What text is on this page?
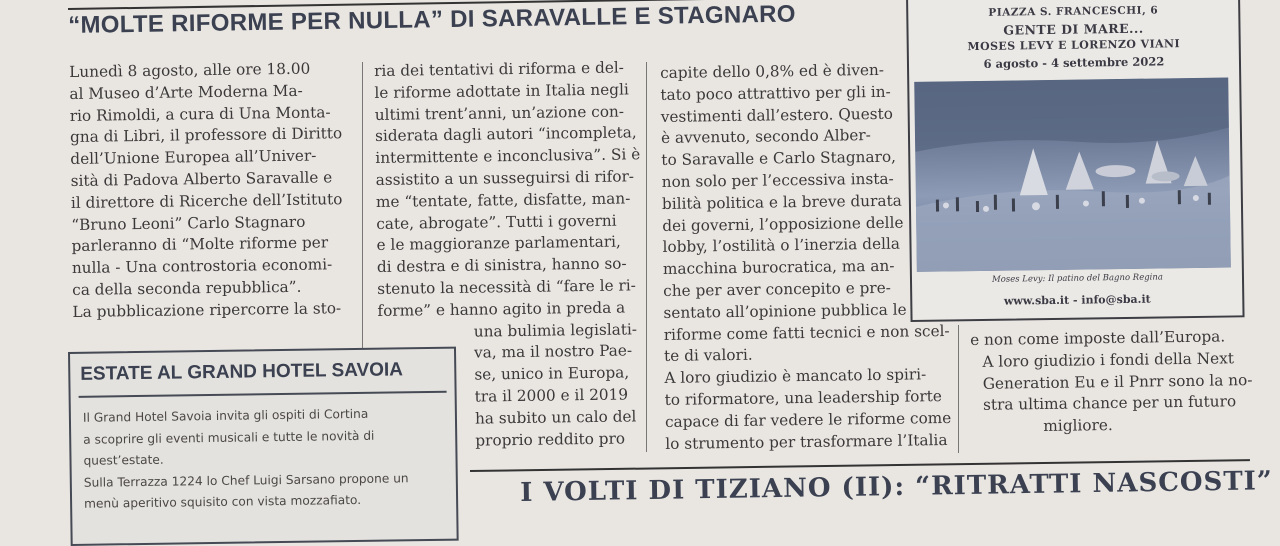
“MOLTE RIFORME PER NULLA” DI SARAVALLE E STAGNARO
Lunedì 8 agosto, alle ore 18.00
al Museo d’Arte Moderna Ma-
rio Rimoldi, a cura di Una Monta-
gna di Libri, il professore di Diritto
dell’Unione Europea all’Univer-
sità di Padova Alberto Saravalle e
il direttore di Ricerche dell’Istituto
“Bruno Leoni” Carlo Stagnaro
parleranno di “Molte riforme per
nulla - Una controstoria economi-
ca della seconda repubblica”.
La pubblicazione ripercorre la sto-
ria dei tentativi di riforma e del-
le riforme adottate in Italia negli
ultimi trent’anni, un’azione con-
siderata dagli autori “incompleta,
intermittente e inconclusiva”. Si è
assistito a un susseguirsi di rifor-
me “tentate, fatte, disfatte, man-
cate, abrogate”. Tutti i governi
e le maggioranze parlamentari,
di destra e di sinistra, hanno so-
stenuto la necessità di “fare le ri-
forme” e hanno agito in preda a
una bulimia legislati-
va, ma il nostro Pae-
se, unico in Europa,
tra il 2000 e il 2019
ha subito un calo del
proprio reddito pro
capite dello 0,8% ed è diven-
tato poco attrattivo per gli in-
vestimenti dall’estero. Questo
è avvenuto, secondo Alber-
to Saravalle e Carlo Stagnaro,
non solo per l’eccessiva insta-
bilità politica e la breve durata
dei governi, l’opposizione delle
lobby, l’ostilità o l’inerzia della
macchina burocratica, ma an-
che per aver concepito e pre-
sentato all’opinione pubblica le
riforme come fatti tecnici e non scel-
te di valori.
A loro giudizio è mancato lo spiri-
to riformatore, una leadership forte
capace di far vedere le riforme come
lo strumento per trasformare l’Italia
e non come imposte dall’Europa.
A loro giudizio i fondi della Next
Generation Eu e il Pnrr sono la no-
stra ultima chance per un futuro
migliore.
ESTATE AL GRAND HOTEL SAVOIA
Il Grand Hotel Savoia invita gli ospiti di Cortina
a scoprire gli eventi musicali e tutte le novità di
quest’estate.
Sulla Terrazza 1224 lo Chef Luigi Sarsano propone un
menù aperitivo squisito con vista mozzafiato.
PIAZZA S. FRANCESCHI, 6
GENTE DI MARE...
MOSES LEVY E LORENZO VIANI
6 agosto - 4 settembre 2022
Moses Levy: Il patino del Bagno Regina
www.sba.it - info@sba.it
I VOLTI DI TIZIANO (II): “RITRATTI NASCOSTI”
